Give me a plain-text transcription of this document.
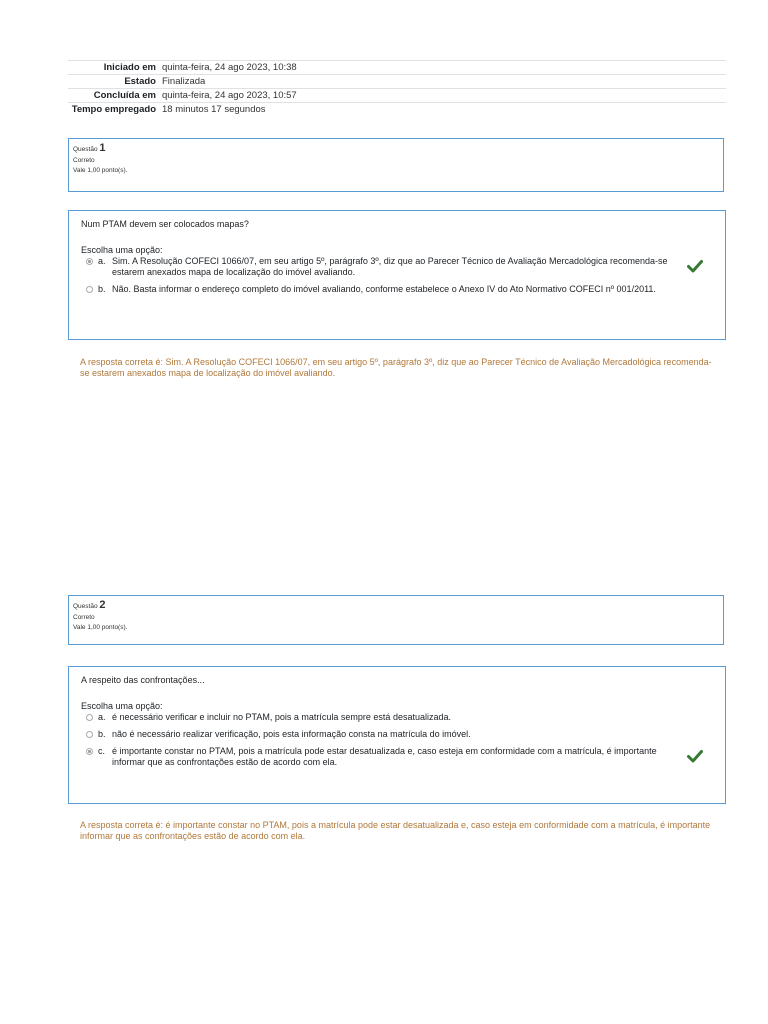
Iniciado em quinta-feira, 24 ago 2023, 10:38
Estado Finalizada
Concluída em quinta-feira, 24 ago 2023, 10:57
Tempo empregado 18 minutos 17 segundos
Questão 1
Correto
Vale 1,00 ponto(s).
Num PTAM devem ser colocados mapas?
Escolha uma opção:
a. Sim. A Resolução COFECI 1066/07, em seu artigo 5º, parágrafo 3º, diz que ao Parecer Técnico de Avaliação Mercadológica recomenda-se estarem anexados mapa de localização do imóvel avaliando.
b. Não. Basta informar o endereço completo do imóvel avaliando, conforme estabelece o Anexo IV do Ato Normativo COFECI nº 001/2011.
A resposta correta é: Sim. A Resolução COFECI 1066/07, em seu artigo 5º, parágrafo 3º, diz que ao Parecer Técnico de Avaliação Mercadológica recomenda-se estarem anexados mapa de localização do imóvel avaliando.
Questão 2
Correto
Vale 1,00 ponto(s).
A respeito das confrontações...
Escolha uma opção:
a. é necessário verificar e incluir no PTAM, pois a matrícula sempre está desatualizada.
b. não é necessário realizar verificação, pois esta informação consta na matrícula do imóvel.
c. é importante constar no PTAM, pois a matrícula pode estar desatualizada e, caso esteja em conformidade com a matrícula, é importante informar que as confrontações estão de acordo com ela.
A resposta correta é: é importante constar no PTAM, pois a matrícula pode estar desatualizada e, caso esteja em conformidade com a matrícula, é importante informar que as confrontações estão de acordo com ela.
